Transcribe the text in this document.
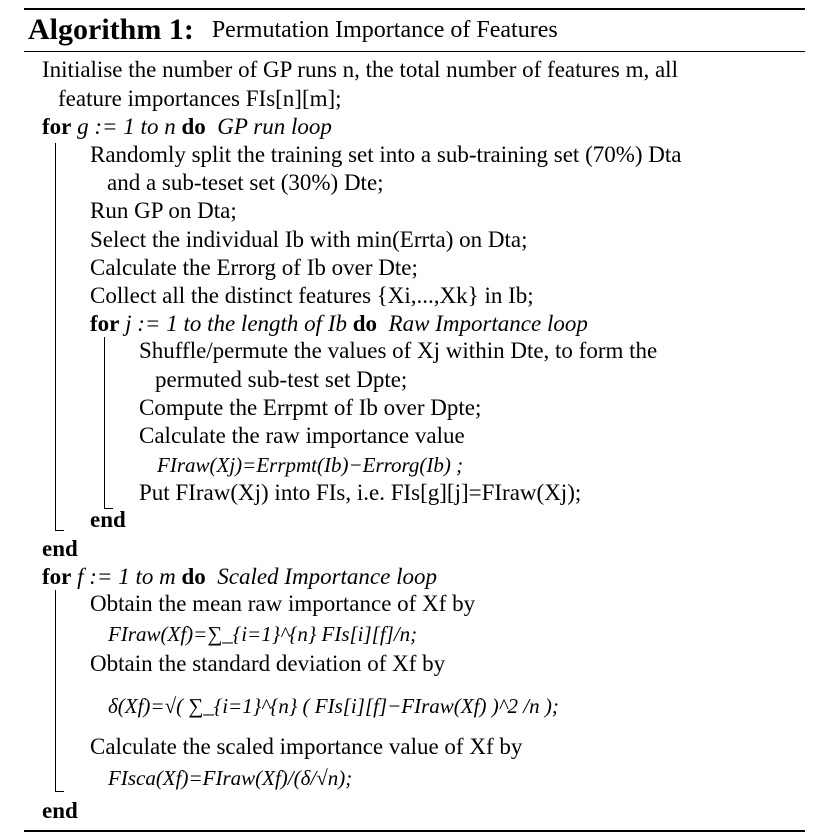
Algorithm 1: Permutation Importance of Features
Initialise the number of GP runs n, the total number of features m, all
feature importances FIs[n][m];
for g := 1 to n do GP run loop
Randomly split the training set into a sub-training set (70%) Dta
and a sub-teset set (30%) Dte;
Run GP on Dta;
Select the individual Ib with min(Errta) on Dta;
Calculate the Errorg of Ib over Dte;
Collect all the distinct features {Xi,...,Xk} in Ib;
for j := 1 to the length of Ib do Raw Importance loop
Shuffle/permute the values of Xj within Dte, to form the
permuted sub-test set Dpte;
Compute the Errpmt of Ib over Dpte;
Calculate the raw importance value
FIraw(Xj)=Errpmt(Ib)−Errorg(Ib) ;
Put FIraw(Xj) into FIs, i.e. FIs[g][j]=FIraw(Xj);
end
end
for f := 1 to m do Scaled Importance loop
Obtain the mean raw importance of Xf by
FIraw(Xf)=∑_{i=1}^{n} FIs[i][f]/n;
Obtain the standard deviation of Xf by
δ(Xf)=√( ∑_{i=1}^{n} ( FIs[i][f]−FIraw(Xf) )^2 /n );
Calculate the scaled importance value of Xf by
FIsca(Xf)=FIraw(Xf)/(δ/√n);
end
